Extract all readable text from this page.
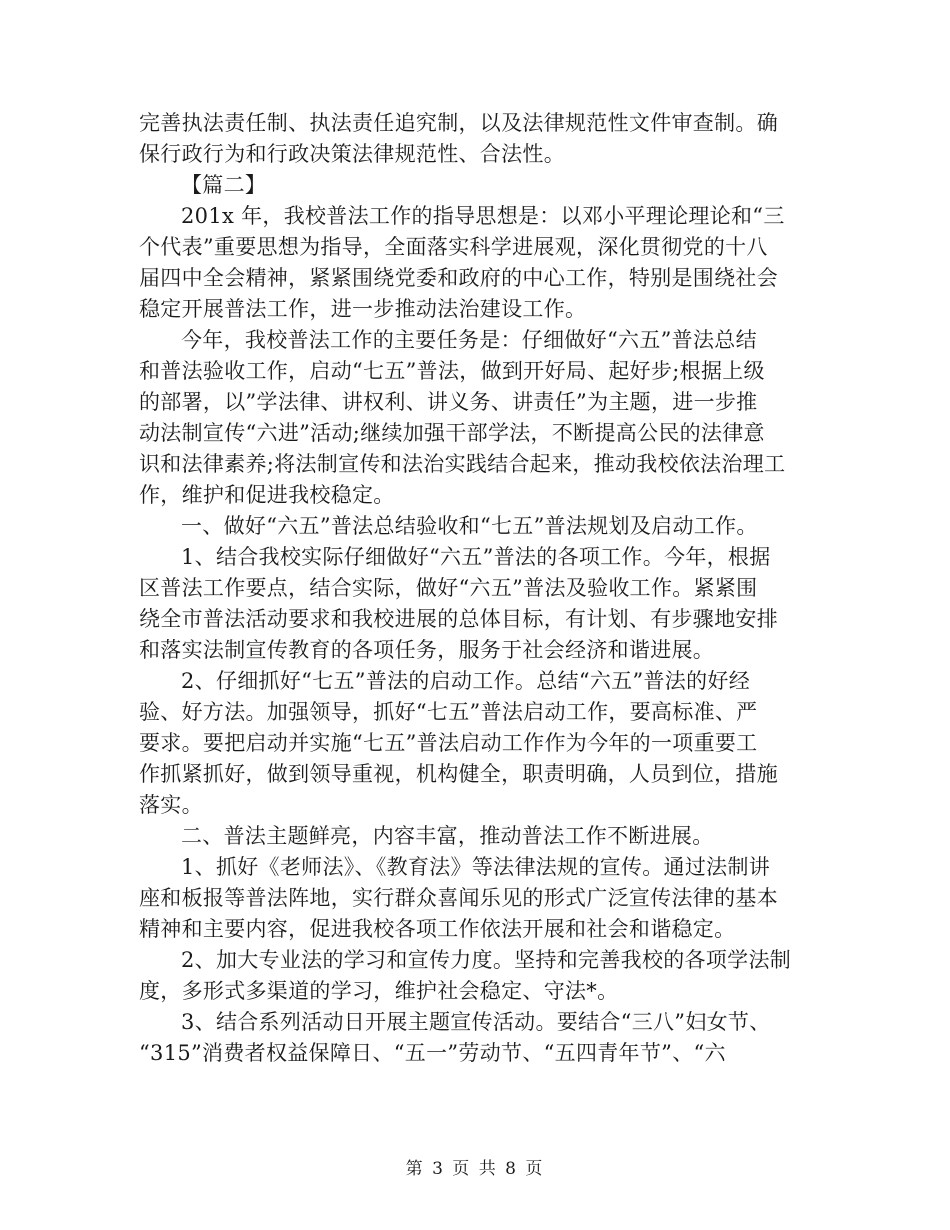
完善执法责任制、执法责任追究制，以及法律规范性文件审查制。确
保行政行为和行政决策法律规范性、合法性。

【篇二】

201x 年，我校普法工作的指导思想是：以邓小平理论理论和“三

个代表”重要思想为指导，全面落实科学进展观，深化贯彻党的十八
届四中全会精神，紧紧围绕党委和政府的中心工作，特别是围绕社会
稳定开展普法工作，进一步推动法治建设工作。

今年，我校普法工作的主要任务是：仔细做好“六五”普法总结

和普法验收工作，启动“七五”普法，做到开好局、起好步;根据上级
的部署，以”学法律、讲权利、讲义务、讲责任”为主题，进一步推
动法制宣传“六进”活动;继续加强干部学法，不断提高公民的法律意
识和法律素养;将法制宣传和法治实践结合起来，推动我校依法治理工
作，维护和促进我校稳定。

一、做好“六五”普法总结验收和“七五”普法规划及启动工作。

1、结合我校实际仔细做好“六五”普法的各项工作。今年，根据

区普法工作要点，结合实际，做好“六五”普法及验收工作。紧紧围
绕全市普法活动要求和我校进展的总体目标，有计划、有步骤地安排
和落实法制宣传教育的各项任务，服务于社会经济和谐进展。

2、仔细抓好“七五”普法的启动工作。总结“六五”普法的好经

验、好方法。加强领导，抓好“七五”普法启动工作，要高标准、严
要求。要把启动并实施“七五”普法启动工作作为今年的一项重要工
作抓紧抓好，做到领导重视，机构健全，职责明确，人员到位，措施
落实。

二、普法主题鲜亮，内容丰富，推动普法工作不断进展。

1、抓好《老师法》、《教育法》等法律法规的宣传。通过法制讲

座和板报等普法阵地，实行群众喜闻乐见的形式广泛宣传法律的基本
精神和主要内容，促进我校各项工作依法开展和社会和谐稳定。

2、加大专业法的学习和宣传力度。坚持和完善我校的各项学法制

度，多形式多渠道的学习，维护社会稳定、守法*。

3、结合系列活动日开展主题宣传活动。要结合“三八”妇女节、

“315”消费者权益保障日、“五一”劳动节、“五四青年节”、“六

第 3 页 共 8 页
